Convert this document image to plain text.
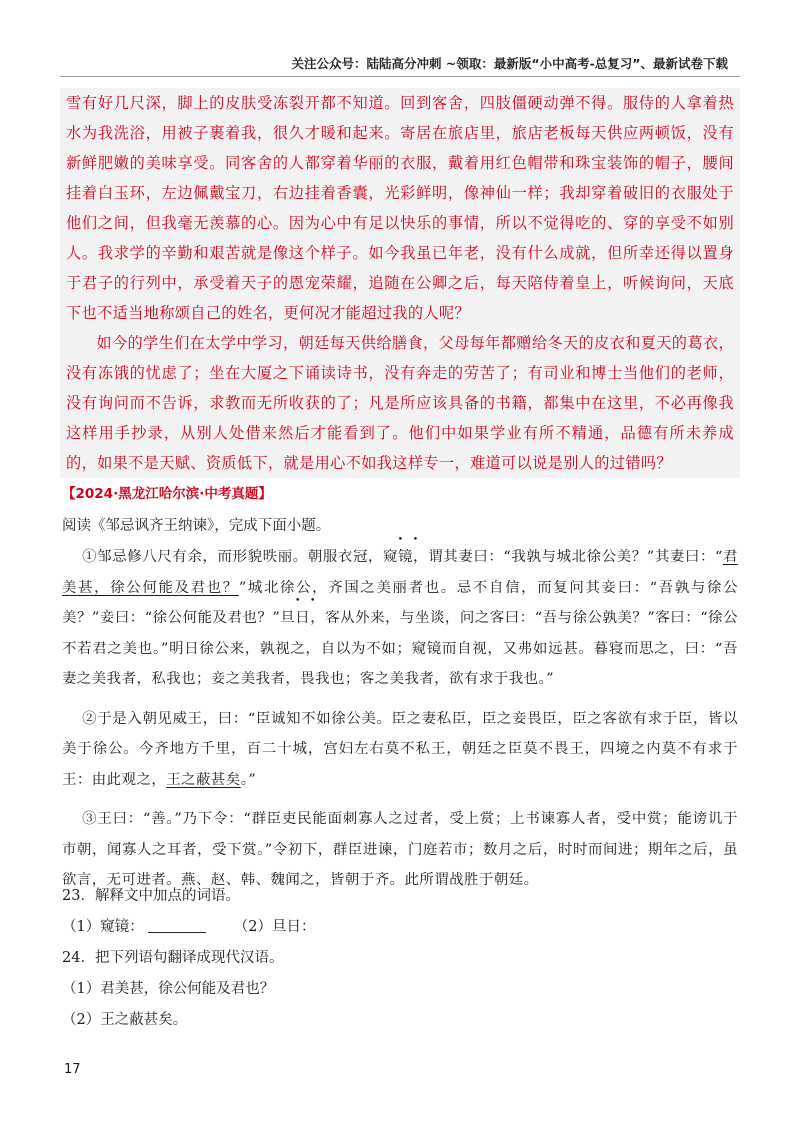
关注公众号：陆陆高分冲刺 ~领取：最新版“小中高考-总复习”、最新试卷下载

雪有好几尺深，脚上的皮肤受冻裂开都不知道。回到客舍，四肢僵硬动弹不得。服侍的人拿着热水为我洗浴，用被子裹着我，很久才暖和起来。寄居在旅店里，旅店老板每天供应两顿饭，没有新鲜肥嫩的美味享受。同客舍的人都穿着华丽的衣服，戴着用红色帽带和珠宝装饰的帽子，腰间挂着白玉环，左边佩戴宝刀，右边挂着香囊，光彩鲜明，像神仙一样；我却穿着破旧的衣服处于他们之间，但我毫无羡慕的心。因为心中有足以快乐的事情，所以不觉得吃的、穿的享受不如别人。我求学的辛勤和艰苦就是像这个样子。如今我虽已年老，没有什么成就，但所幸还得以置身于君子的行列中，承受着天子的恩宠荣耀，追随在公卿之后，每天陪侍着皇上，听候询问，天底下也不适当地称颂自己的姓名，更何况才能超过我的人呢？

如今的学生们在太学中学习，朝廷每天供给膳食，父母每年都赠给冬天的皮衣和夏天的葛衣，没有冻饿的忧虑了；坐在大厦之下诵读诗书，没有奔走的劳苦了；有司业和博士当他们的老师，没有询问而不告诉，求教而无所收获的了；凡是所应该具备的书籍，都集中在这里，不必再像我这样用手抄录，从别人处借来然后才能看到了。他们中如果学业有所不精通，品德有所未养成的，如果不是天赋、资质低下，就是用心不如我这样专一，难道可以说是别人的过错吗？

【2024·黑龙江哈尔滨·中考真题】
阅读《邹忌讽齐王纳谏》，完成下面小题。

①邹忌修八尺有余，而形貌昳丽。朝服衣冠，窥镜，谓其妻曰：“我孰与城北徐公美？”其妻曰：“君美甚，徐公何能及君也？”城北徐公，齐国之美丽者也。忌不自信，而复问其妾曰：“吾孰与徐公美？”妾曰：“徐公何能及君也？”旦日，客从外来，与坐谈，问之客曰：“吾与徐公孰美？”客曰：“徐公不若君之美也。”明日徐公来，孰视之，自以为不如；窥镜而自视，又弗如远甚。暮寝而思之，曰：“吾妻之美我者，私我也；妾之美我者，畏我也；客之美我者，欲有求于我也。”

②于是入朝见威王，曰：“臣诚知不如徐公美。臣之妻私臣，臣之妾畏臣，臣之客欲有求于臣，皆以美于徐公。今齐地方千里，百二十城，宫妇左右莫不私王，朝廷之臣莫不畏王，四境之内莫不有求于王：由此观之，王之蔽甚矣。”

③王曰：“善。”乃下令：“群臣吏民能面刺寡人之过者，受上赏；上书谏寡人者，受中赏；能谤讥于市朝，闻寡人之耳者，受下赏。”令初下，群臣进谏，门庭若市；数月之后，时时而间进；期年之后，虽欲言，无可进者。燕、赵、韩、魏闻之，皆朝于齐。此所谓战胜于朝廷。

23．解释文中加点的词语。
（1）窥镜：	（2）旦日：
24．把下列语句翻译成现代汉语。
（1）君美甚，徐公何能及君也？
（2）王之蔽甚矣。
17
